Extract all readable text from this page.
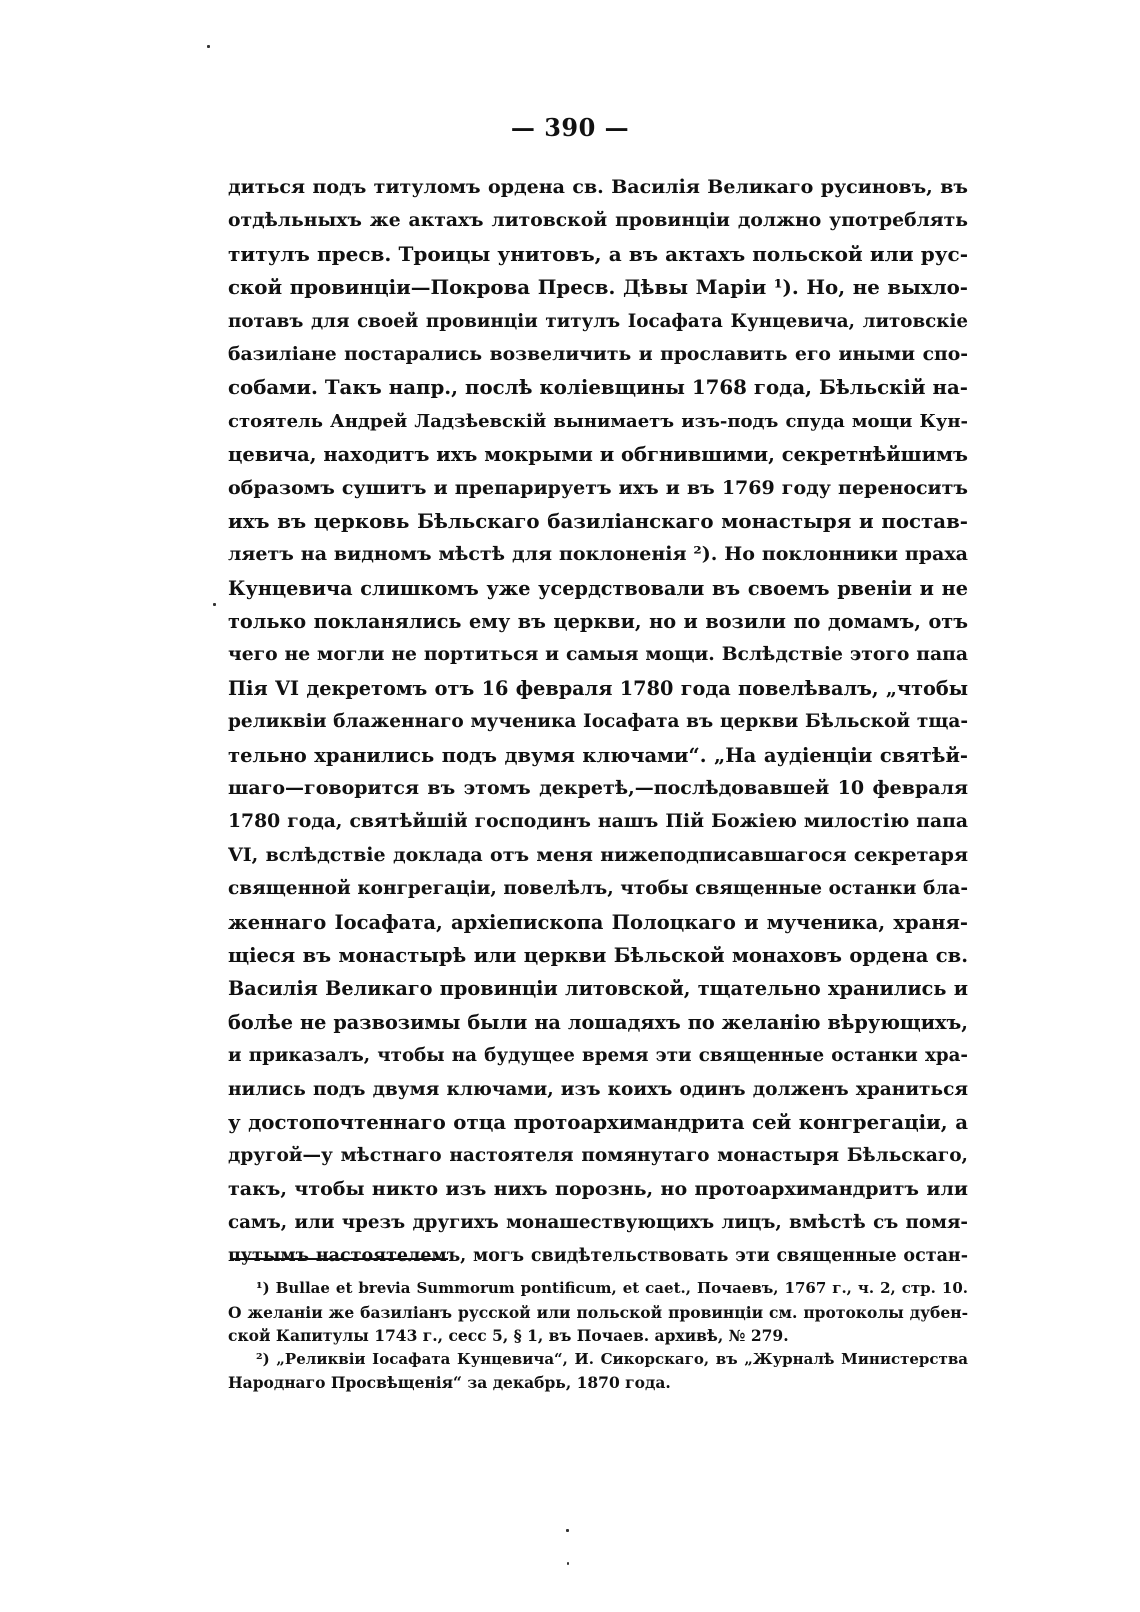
— 390 —
диться подъ титуломъ ордена св. Василія Великаго русиновъ, въ
отдѣльныхъ же актахъ литовской провинціи должно употреблять
титулъ пресв. Троицы унитовъ, а въ актахъ польской или рус-
ской провинціи—Покрова Пресв. Дѣвы Маріи ¹). Но, не выхло-
потавъ для своей провинціи титулъ Іосафата Кунцевича, литовскіе
базиліане постарались возвеличить и прославить его иными спо-
собами. Такъ напр., послѣ коліевщины 1768 года, Бѣльскій на-
стоятель Андрей Ладзѣевскій вынимаетъ изъ-подъ спуда мощи Кун-
цевича, находитъ ихъ мокрыми и обгнившими, секретнѣйшимъ
образомъ сушитъ и препарируетъ ихъ и въ 1769 году переноситъ
ихъ въ церковь Бѣльскаго базиліанскаго монастыря и постав-
ляетъ на видномъ мѣстѣ для поклоненія ²). Но поклонники праха
Кунцевича слишкомъ уже усердствовали въ своемъ рвеніи и не
только покланялись ему въ церкви, но и возили по домамъ, отъ
чего не могли не портиться и самыя мощи. Вслѣдствіе этого папа
Пія VI декретомъ отъ 16 февраля 1780 года повелѣвалъ, „чтобы
реликвіи блаженнаго мученика Іосафата въ церкви Бѣльской тща-
тельно хранились подъ двумя ключами“. „На аудіенціи святѣй-
шаго—говорится въ этомъ декретѣ,—послѣдовавшей 10 февраля
1780 года, святѣйшій господинъ нашъ Пій Божіею милостію папа
VI, вслѣдствіе доклада отъ меня нижеподписавшагося секретаря
священной конгрегаціи, повелѣлъ, чтобы священные останки бла-
женнаго Іосафата, архіепископа Полоцкаго и мученика, храня-
щіеся въ монастырѣ или церкви Бѣльской монаховъ ордена св.
Василія Великаго провинціи литовской, тщательно хранились и
болѣе не развозимы были на лошадяхъ по желанію вѣрующихъ,
и приказалъ, чтобы на будущее время эти священные останки хра-
нились подъ двумя ключами, изъ коихъ одинъ долженъ храниться
у достопочтеннаго отца протоархимандрита сей конгрегаціи, а
другой—у мѣстнаго настоятеля помянутаго монастыря Бѣльскаго,
такъ, чтобы никто изъ нихъ порознь, но протоархимандритъ или
самъ, или чрезъ другихъ монашествующихъ лицъ, вмѣстѣ съ помя-
путымъ настоятелемъ, могъ свидѣтельствовать эти священные остан-
¹) Bullae et brevia Summorum pontificum, et caet., Почаевъ, 1767 г., ч. 2, стр. 10.
О желаніи же базиліанъ русской или польской провинціи см. протоколы дубен-
ской Капитулы 1743 г., сесс 5, § 1, въ Почаев. архивѣ, № 279.
²) „Реликвіи Іосафата Кунцевича“, И. Сикорскаго, въ „Журналѣ Министерства
Народнаго Просвѣщенія“ за декабрь, 1870 года.
